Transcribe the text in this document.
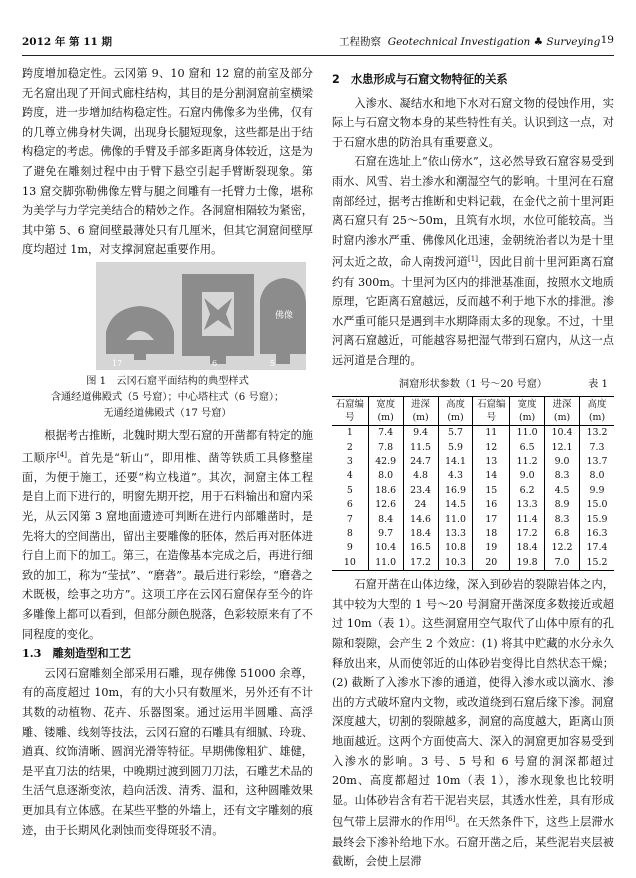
2012 年 第 11 期	工程勘察 Geotechnical Investigation ♣ Surveying 19

跨度增加稳定性。云冈第 9、10 窟和 12 窟的前室及部分无名窟出现了开间式廊柱结构，其目的是分割洞窟前室横梁跨度，进一步增加结构稳定性。石窟内佛像多为坐佛，仅有的几尊立佛身材失调，出现身长腿短现象，这些都是出于结构稳定的考虑。佛像的手臂及手部多距离身体较近，这是为了避免在雕刻过程中由于臂下悬空引起手臂断裂现象。第 13 窟交脚弥勒佛像左臂与腿之间雕有一托臂力士像，堪称为美学与力学完美结合的精妙之作。各洞窟相隔较为紧密，其中第 5、6 窟间壁最薄处只有几厘米，但其它洞窟间壁厚度均超过 1m，对支撑洞窟起重要作用。

佛像
17	6	5
图 1　云冈石窟平面结构的典型样式
含通经道佛殿式（5 号窟）；中心塔柱式（6 号窟）；
无通经道佛殿式（17 号窟）

根据考古推断，北魏时期大型石窟的开凿都有特定的施工顺序[4]。首先是“斩山”，即用椎、凿等铁质工具修整崖面，为便于施工，还要“构立栈道”。其次，洞窟主体工程是自上而下进行的，明窗先期开挖，用于石料输出和窟内采光，从云冈第 3 窟地面遗迹可判断在进行内部雕凿时，是先将大的空间凿出，留出主要雕像的胚体，然后再对胚体进行自上而下的加工。第三，在造像基本完成之后，再进行细致的加工，称为“莹拭”、“磨砻”。最后进行彩绘，“磨砻之术既极，绘事之功方”。这项工序在云冈石窟保存至今的许多雕像上都可以看到，但部分颜色脱落，色彩较原来有了不同程度的变化。

1.3　雕刻造型和工艺

云冈石窟雕刻全部采用石雕，现存佛像 51000 余尊，有的高度超过 10m，有的大小只有数厘米，另外还有不计其数的动植物、花卉、乐器图案。通过运用半圆雕、高浮雕、镂雕、线刻等技法，云冈石窟的石雕具有细腻、玲珑、遒真、纹饰清晰、圆润光滑等特征。早期佛像粗犷、雄健，是平直刀法的结果，中晚期过渡到圆刀刀法，石雕艺术品的生活气息逐渐变浓，趋向活泼、清秀、温和，这种圆雕效果更加具有立体感。在某些平整的外墙上，还有文字雕刻的痕迹，由于长期风化剥蚀而变得斑驳不清。

2　水患形成与石窟文物特征的关系

入渗水、凝结水和地下水对石窟文物的侵蚀作用，实际上与石窟文物本身的某些特性有关。认识到这一点，对于石窟水患的防治具有重要意义。

石窟在选址上“依山傍水”，这必然导致石窟容易受到雨水、风雪、岩土渗水和潮湿空气的影响。十里河在石窟南部经过，据考古推断和史料记载，在金代之前十里河距离石窟只有 25～50m，且筑有水坝，水位可能较高。当时窟内渗水严重、佛像风化迅速，金朝统治者以为是十里河太近之故，命人南拨河道[1]，因此目前十里河距离石窟约有 300m。十里河为区内的排泄基准面，按照水文地质原理，它距离石窟越远，反而越不利于地下水的排泄。渗水严重可能只是遇到丰水期降雨太多的现象。不过，十里河离石窟越近，可能越容易把湿气带到石窟内，从这一点远河道是合理的。

洞窟形状参数（1 号～20 号窟）	表 1
石窟编号	宽度(m)	进深(m)	高度(m)	石窟编号	宽度(m)	进深(m)	高度(m)
1	7.4	9.4	5.7	11	11.0	10.4	13.2
2	7.8	11.5	5.9	12	6.5	12.1	7.3
3	42.9	24.7	14.1	13	11.2	9.0	13.7
4	8.0	4.8	4.3	14	9.0	8.3	8.0
5	18.6	23.4	16.9	15	6.2	4.5	9.9
6	12.6	24	14.5	16	13.3	8.9	15.0
7	8.4	14.6	11.0	17	11.4	8.3	15.9
8	9.7	18.4	13.3	18	17.2	6.8	16.3
9	10.4	16.5	10.8	19	18.4	12.2	17.4
10	11.0	17.2	10.3	20	19.8	7.0	15.2

石窟开凿在山体边缘，深入到砂岩的裂隙岩体之内，其中较为大型的 1 号～20 号洞窟开凿深度多数接近或超过 10m（表 1）。这些洞窟用空气取代了山体中原有的孔隙和裂隙，会产生 2 个效应：(1) 将其中贮藏的水分永久释放出来，从而使邻近的山体砂岩变得比自然状态干燥；(2) 截断了入渗水下渗的通道，使得入渗水或以滴水、渗出的方式破坏窟内文物，或改道绕到石窟后缘下渗。洞窟深度越大，切割的裂隙越多，洞窟的高度越大，距离山顶地面越近。这两个方面使高大、深入的洞窟更加容易受到入渗水的影响。3 号、5 号和 6 号窟的洞深都超过 20m、高度都超过 10m（表 1），渗水现象也比较明显。山体砂岩含有若干泥岩夹层，其透水性差，具有形成包气带上层滞水的作用[6]。在天然条件下，这些上层滞水最终会下渗补给地下水。石窟开凿之后，某些泥岩夹层被截断，会使上层滞
